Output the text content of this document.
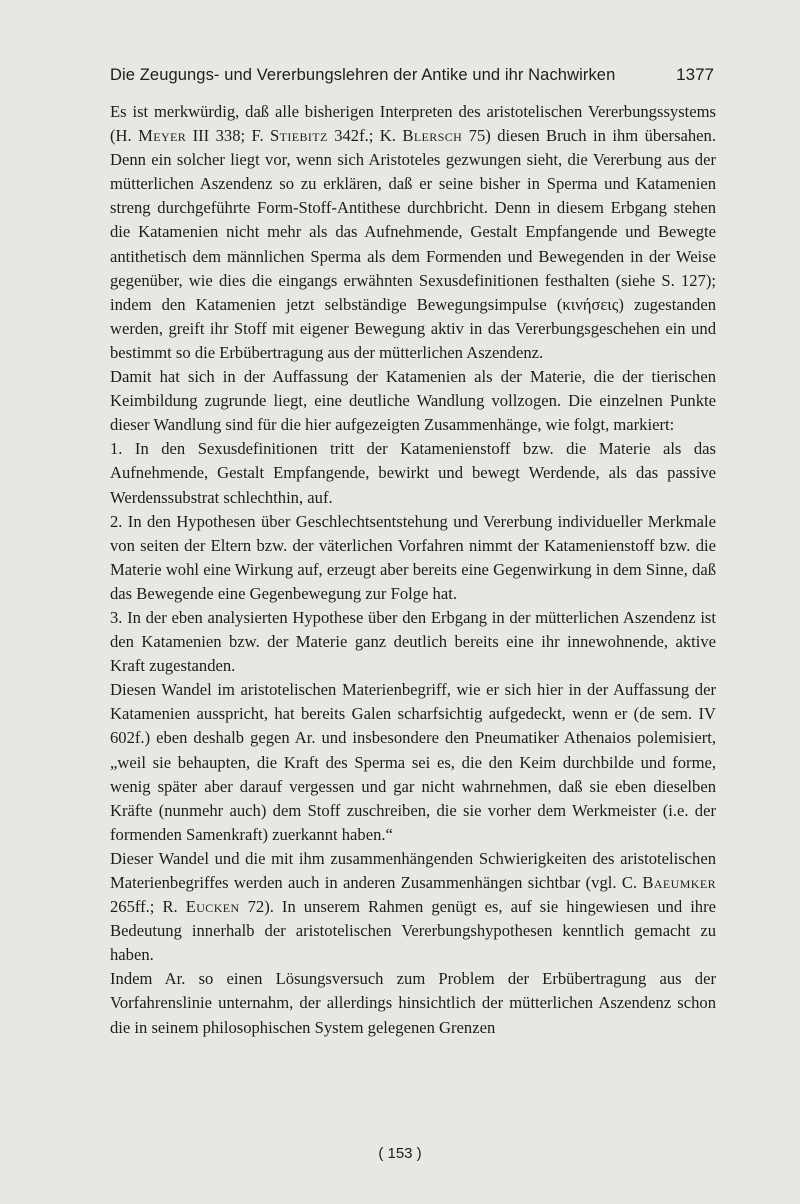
Die Zeugungs- und Vererbungslehren der Antike und ihr Nachwirken	1377

Es ist merkwürdig, daß alle bisherigen Interpreten des aristotelischen Vererbungssystems (H. Meyer III 338; F. Stiebitz 342f.; K. Blersch 75) diesen Bruch in ihm übersahen. Denn ein solcher liegt vor, wenn sich Aristoteles gezwungen sieht, die Vererbung aus der mütterlichen Aszendenz so zu erklären, daß er seine bisher in Sperma und Katamenien streng durchgeführte Form-Stoff-Antithese durchbricht. Denn in diesem Erbgang stehen die Katamenien nicht mehr als das Aufnehmende, Gestalt Empfangende und Bewegte antithetisch dem männlichen Sperma als dem Formenden und Bewegenden in der Weise gegenüber, wie dies die eingangs erwähnten Sexusdefinitionen festhalten (siehe S. 127); indem den Katamenien jetzt selbständige Bewegungsimpulse (κινήσεις) zugestanden werden, greift ihr Stoff mit eigener Bewegung aktiv in das Vererbungsgeschehen ein und bestimmt so die Erbübertragung aus der mütterlichen Aszendenz.

Damit hat sich in der Auffassung der Katamenien als der Materie, die der tierischen Keimbildung zugrunde liegt, eine deutliche Wandlung vollzogen. Die einzelnen Punkte dieser Wandlung sind für die hier aufgezeigten Zusammenhänge, wie folgt, markiert:

1. In den Sexusdefinitionen tritt der Katamenienstoff bzw. die Materie als das Aufnehmende, Gestalt Empfangende, bewirkt und bewegt Werdende, als das passive Werdenssubstrat schlechthin, auf.

2. In den Hypothesen über Geschlechtsentstehung und Vererbung individueller Merkmale von seiten der Eltern bzw. der väterlichen Vorfahren nimmt der Katamenienstoff bzw. die Materie wohl eine Wirkung auf, erzeugt aber bereits eine Gegenwirkung in dem Sinne, daß das Bewegende eine Gegenbewegung zur Folge hat.

3. In der eben analysierten Hypothese über den Erbgang in der mütterlichen Aszendenz ist den Katamenien bzw. der Materie ganz deutlich bereits eine ihr innewohnende, aktive Kraft zugestanden.

Diesen Wandel im aristotelischen Materienbegriff, wie er sich hier in der Auffassung der Katamenien ausspricht, hat bereits Galen scharfsichtig aufgedeckt, wenn er (de sem. IV 602f.) eben deshalb gegen Ar. und insbesondere den Pneumatiker Athenaios polemisiert, „weil sie behaupten, die Kraft des Sperma sei es, die den Keim durchbilde und forme, wenig später aber darauf vergessen und gar nicht wahrnehmen, daß sie eben dieselben Kräfte (nunmehr auch) dem Stoff zuschreiben, die sie vorher dem Werkmeister (i.e. der formenden Samenkraft) zuerkannt haben.“

Dieser Wandel und die mit ihm zusammenhängenden Schwierigkeiten des aristotelischen Materienbegriffes werden auch in anderen Zusammenhängen sichtbar (vgl. C. Baeumker 265ff.; R. Eucken 72). In unserem Rahmen genügt es, auf sie hingewiesen und ihre Bedeutung innerhalb der aristotelischen Vererbungshypothesen kenntlich gemacht zu haben.

Indem Ar. so einen Lösungsversuch zum Problem der Erbübertragung aus der Vorfahrenslinie unternahm, der allerdings hinsichtlich der mütterlichen Aszendenz schon die in seinem philosophischen System gelegenen Grenzen

( 153 )
